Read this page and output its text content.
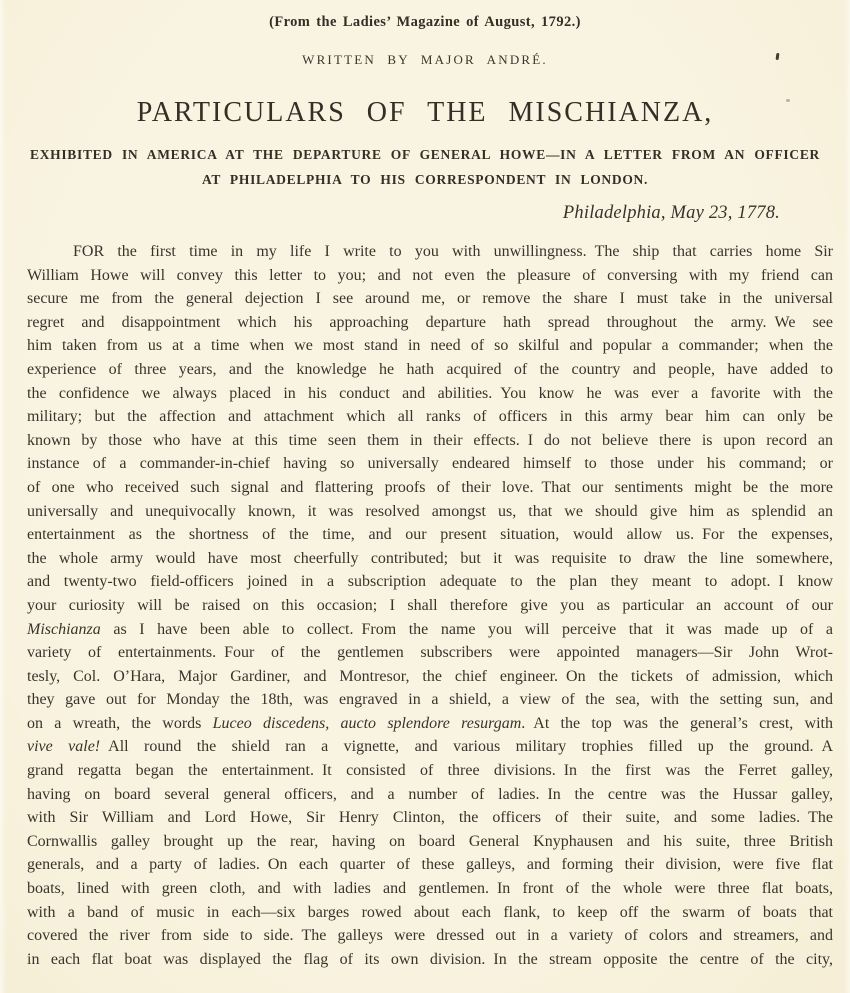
(From the Ladies’ Magazine of August, 1792.)
WRITTEN BY MAJOR ANDRÉ.
PARTICULARS OF THE MISCHIANZA,
EXHIBITED IN AMERICA AT THE DEPARTURE OF GENERAL HOWE—IN A LETTER FROM AN OFFICER
AT PHILADELPHIA TO HIS CORRESPONDENT IN LONDON.
Philadelphia, May 23, 1778.
FOR the first time in my life I write to you with unwillingness. The ship that carries home Sir
William Howe will convey this letter to you; and not even the pleasure of conversing with my friend can
secure me from the general dejection I see around me, or remove the share I must take in the universal
regret and disappointment which his approaching departure hath spread throughout the army. We see
him taken from us at a time when we most stand in need of so skilful and popular a commander; when the
experience of three years, and the knowledge he hath acquired of the country and people, have added to
the confidence we always placed in his conduct and abilities. You know he was ever a favorite with the
military; but the affection and attachment which all ranks of officers in this army bear him can only be
known by those who have at this time seen them in their effects. I do not believe there is upon record an
instance of a commander-in-chief having so universally endeared himself to those under his command; or
of one who received such signal and flattering proofs of their love. That our sentiments might be the more
universally and unequivocally known, it was resolved amongst us, that we should give him as splendid an
entertainment as the shortness of the time, and our present situation, would allow us. For the expenses,
the whole army would have most cheerfully contributed; but it was requisite to draw the line somewhere,
and twenty-two field-officers joined in a subscription adequate to the plan they meant to adopt. I know
your curiosity will be raised on this occasion; I shall therefore give you as particular an account of our
Mischianza as I have been able to collect. From the name you will perceive that it was made up of a
variety of entertainments. Four of the gentlemen subscribers were appointed managers—Sir John Wrot-
tesly, Col. O’Hara, Major Gardiner, and Montresor, the chief engineer. On the tickets of admission, which
they gave out for Monday the 18th, was engraved in a shield, a view of the sea, with the setting sun, and
on a wreath, the words Luceo discedens, aucto splendore resurgam. At the top was the general’s crest, with
vive vale! All round the shield ran a vignette, and various military trophies filled up the ground. A
grand regatta began the entertainment. It consisted of three divisions. In the first was the Ferret galley,
having on board several general officers, and a number of ladies. In the centre was the Hussar galley,
with Sir William and Lord Howe, Sir Henry Clinton, the officers of their suite, and some ladies. The
Cornwallis galley brought up the rear, having on board General Knyphausen and his suite, three British
generals, and a party of ladies. On each quarter of these galleys, and forming their division, were five flat
boats, lined with green cloth, and with ladies and gentlemen. In front of the whole were three flat boats,
with a band of music in each—six barges rowed about each flank, to keep off the swarm of boats that
covered the river from side to side. The galleys were dressed out in a variety of colors and streamers, and
in each flat boat was displayed the flag of its own division. In the stream opposite the centre of the city,
